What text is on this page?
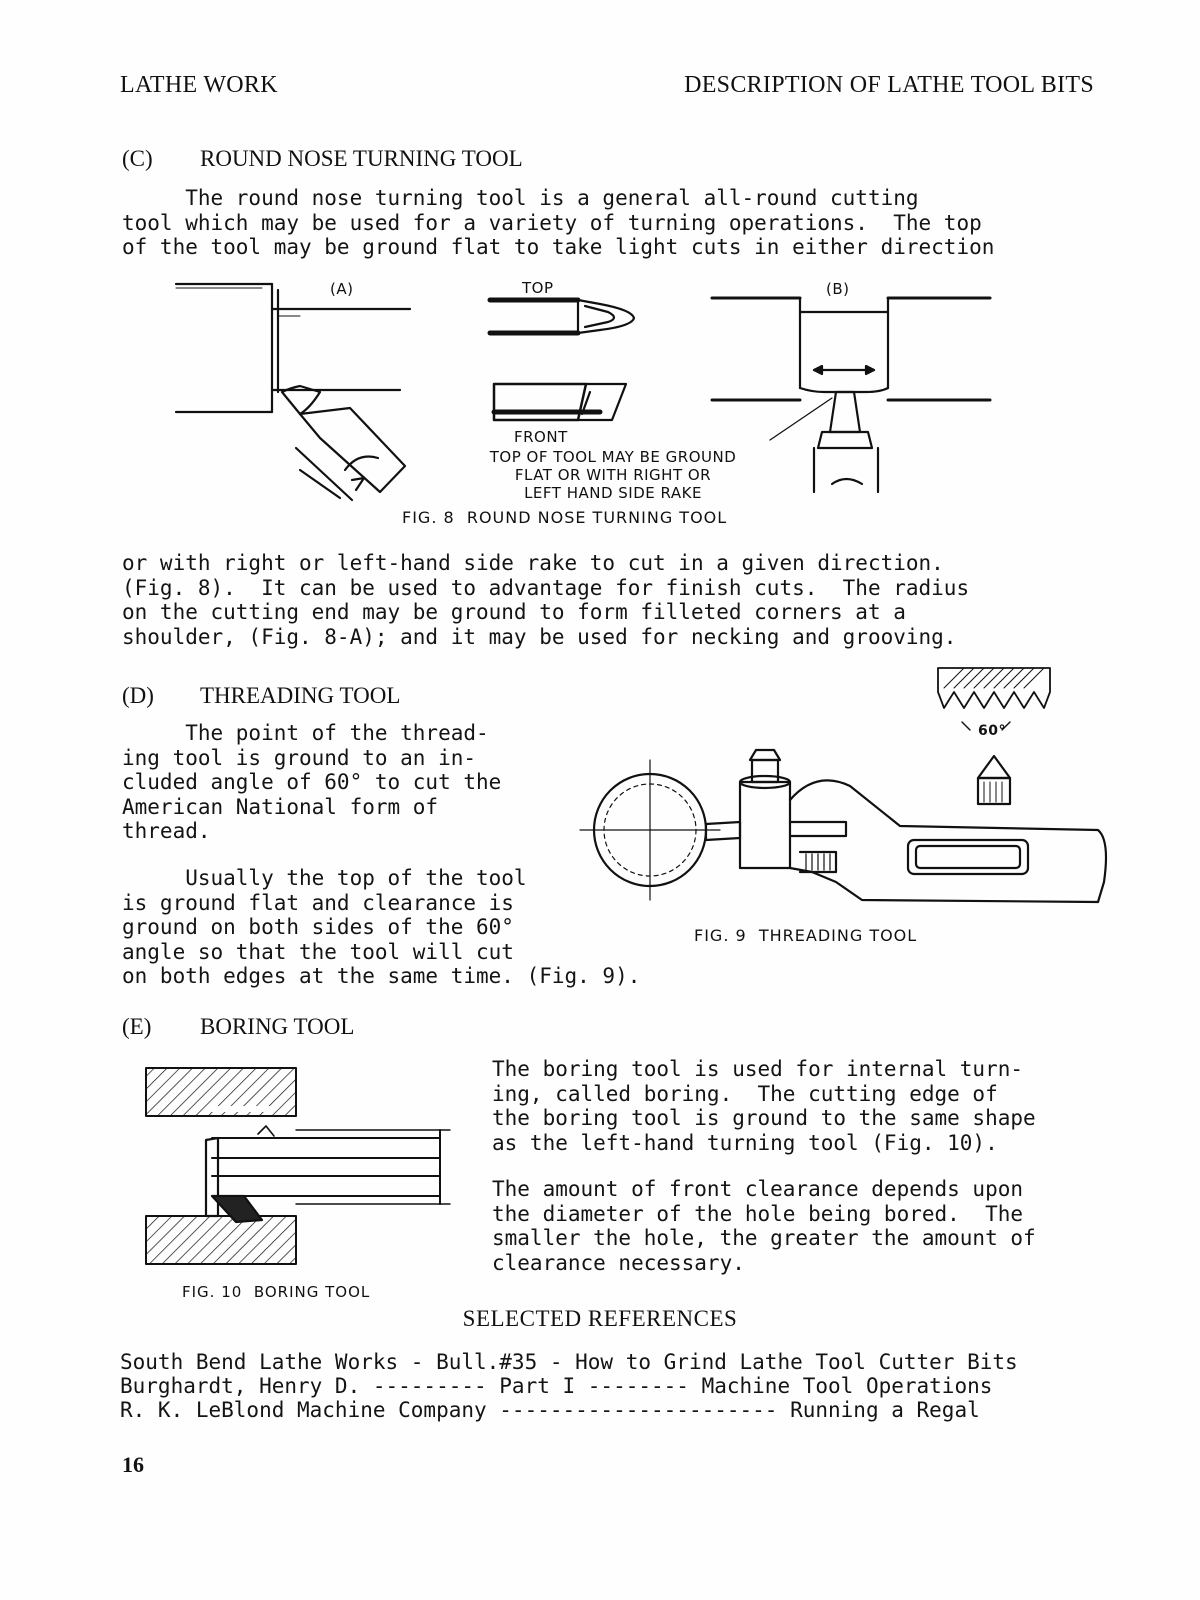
LATHE WORK	DESCRIPTION OF LATHE TOOL BITS
(C) ROUND NOSE TURNING TOOL
The round nose turning tool is a general all-round cutting
tool which may be used for a variety of turning operations.  The top
of the tool may be ground flat to take light cuts in either direction
(A)	TOP	(B)
FRONT
TOP OF TOOL MAY BE GROUND
FLAT OR WITH RIGHT OR
LEFT HAND SIDE RAKE
FIG. 8  ROUND NOSE TURNING TOOL
or with right or left-hand side rake to cut in a given direction.
(Fig. 8).  It can be used to advantage for finish cuts.  The radius
on the cutting end may be ground to form filleted corners at a
shoulder, (Fig. 8-A); and it may be used for necking and grooving.
(D) THREADING TOOL
The point of the thread-
ing tool is ground to an in-
cluded angle of 60° to cut the
American National form of
thread.
Usually the top of the tool
is ground flat and clearance is
ground on both sides of the 60°
angle so that the tool will cut
on both edges at the same time. (Fig. 9).
60°
FIG. 9  THREADING TOOL
(E) BORING TOOL
The boring tool is used for internal turn-
ing, called boring.  The cutting edge of
the boring tool is ground to the same shape
as the left-hand turning tool (Fig. 10).
The amount of front clearance depends upon
the diameter of the hole being bored.  The
smaller the hole, the greater the amount of
clearance necessary.
FIG. 10  BORING TOOL
SELECTED REFERENCES
South Bend Lathe Works - Bull.#35 - How to Grind Lathe Tool Cutter Bits
Burghardt, Henry D. --------- Part I -------- Machine Tool Operations
R. K. LeBlond Machine Company ---------------------- Running a Regal
16
